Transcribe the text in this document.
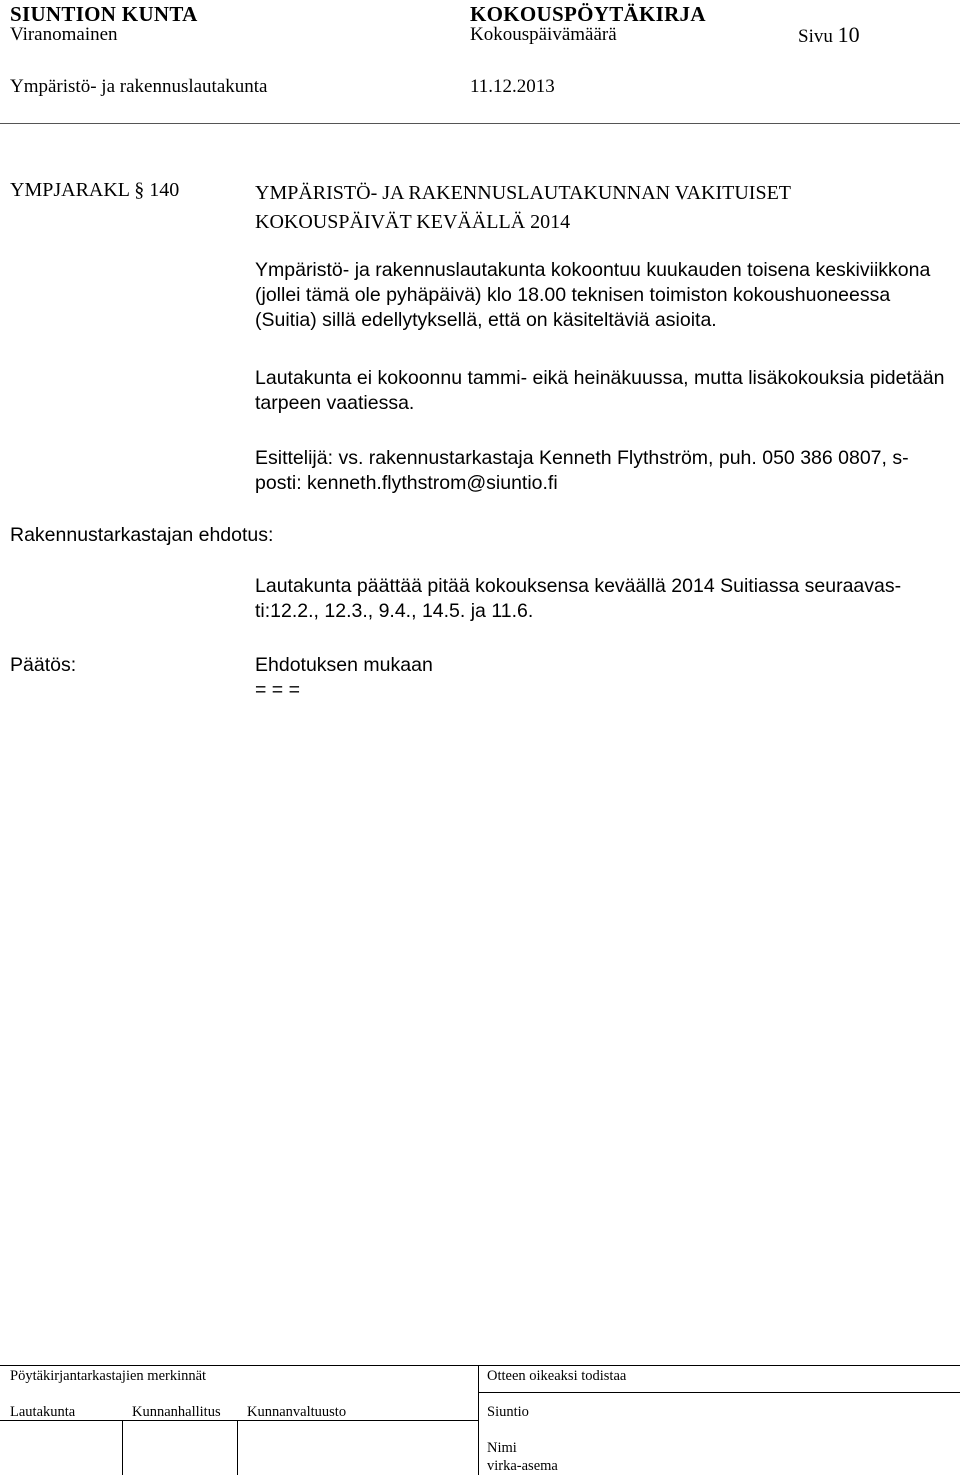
SIUNTION KUNTA	KOKOUSPÖYTÄKIRJA
Viranomainen	Kokouspäivämäärä	Sivu 10
Ympäristö- ja rakennuslautakunta	11.12.2013
YMPJARAKL § 140	YMPÄRISTÖ- JA RAKENNUSLAUTAKUNNAN VAKITUISET KOKOUSPÄIVÄT KEVÄÄLLÄ 2014
Ympäristö- ja rakennuslautakunta kokoontuu kuukauden toisena keskiviikkona (jollei tämä ole pyhäpäivä) klo 18.00 teknisen toimiston kokoushuoneessa (Suitia) sillä edellytyksellä, että on käsiteltäviä asioita.
Lautakunta ei kokoonnu tammi- eikä heinäkuussa, mutta lisäkokouksia pidetään tarpeen vaatiessa.
Esittelijä: vs. rakennustarkastaja Kenneth Flythström, puh. 050 386 0807, s-posti: kenneth.flythstrom@siuntio.fi
Rakennustarkastajan ehdotus:
Lautakunta päättää pitää kokouksensa keväällä 2014 Suitiassa seuraavasti:12.2., 12.3., 9.4., 14.5. ja 11.6.
Päätös:	Ehdotuksen mukaan
= = =
Pöytäkirjantarkastajien merkinnät	Otteen oikeaksi todistaa
Lautakunta	Kunnanhallitus Kunnanvaltuusto	Siuntio
Nimi
virka-asema
